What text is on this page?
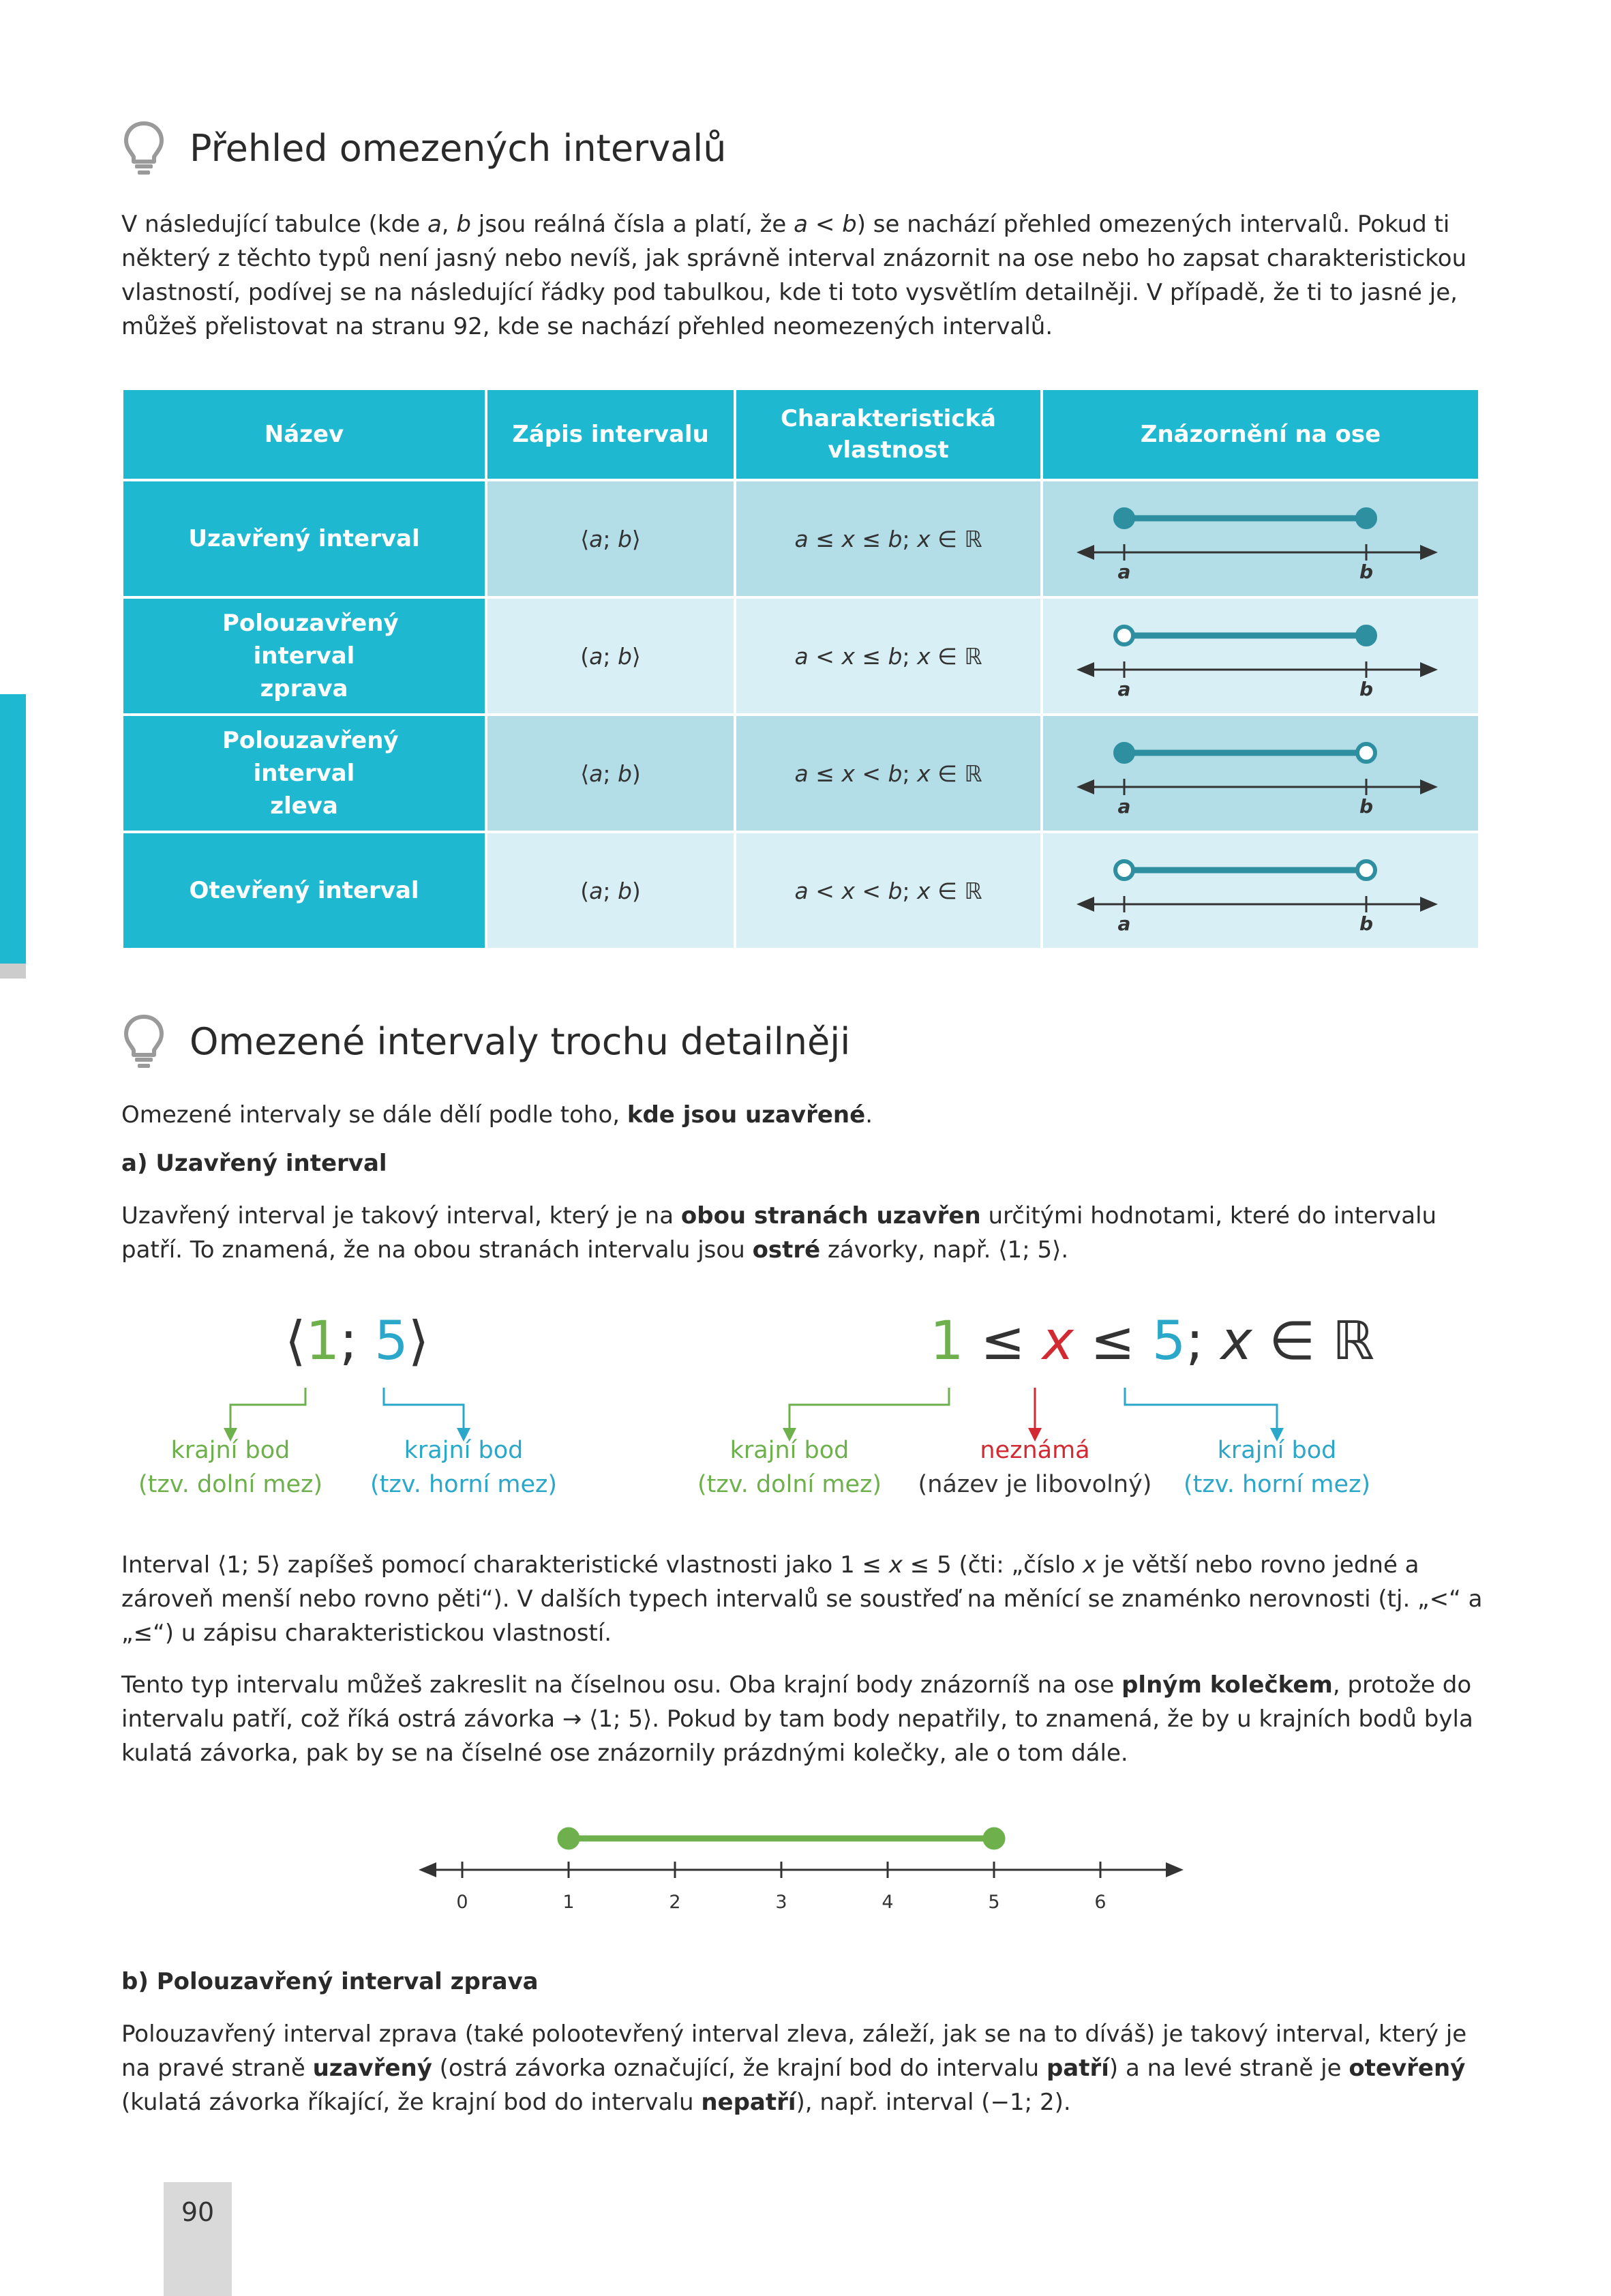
Přehled omezených intervalů

V následující tabulce (kde a, b jsou reálná čísla a platí, že a < b) se nachází přehled omezených intervalů. Pokud ti některý z těchto typů není jasný nebo nevíš, jak správně interval znázornit na ose nebo ho zapsat charakteristickou vlastností, podívej se na následující řádky pod tabulkou, kde ti toto vysvětlím detailněji. V případě, že ti to jasné je, můžeš přelistovat na stranu 92, kde se nachází přehled neomezených intervalů.

Název	Zápis intervalu	Charakteristická vlastnost	Znázornění na ose
Uzavřený interval	⟨a; b⟩	a ≤ x ≤ b; x ∈ ℝ	a b

Polouzavřený interval zprava	(a; b⟩	a < x ≤ b; x ∈ ℝ	a b

Polouzavřený interval zleva	⟨a; b)	a ≤ x < b; x ∈ ℝ	a b

Otevřený interval	(a; b)	a < x < b; x ∈ ℝ	a b
Omezené intervaly trochu detailněji

Omezené intervaly se dále dělí podle toho, kde jsou uzavřené.

a) Uzavřený interval

Uzavřený interval je takový interval, který je na obou stranách uzavřen určitými hodnotami, které do intervalu patří. To znamená, že na obou stranách intervalu jsou ostré závorky, např. ⟨1; 5⟩.

⟨1; 5⟩	1 ≤ x ≤ 5; x ∈ ℝ
krajní bod
(tzv. dolní mez)
krajní bod
(tzv. horní mez)
krajní bod
(tzv. dolní mez)
neznámá
(název je libovolný)
krajní bod
(tzv. horní mez)

Interval ⟨1; 5⟩ zapíšeš pomocí charakteristické vlastnosti jako 1 ≤ x ≤ 5 (čti: „číslo x je větší nebo rovno jedné a zároveň menší nebo rovno pěti“). V dalších typech intervalů se soustřeď na měnící se znaménko nerovnosti (tj. „<“ a „≤“) u zápisu charakteristickou vlastností.

Tento typ intervalu můžeš zakreslit na číselnou osu. Oba krajní body znázorníš na ose plným kolečkem, protože do intervalu patří, což říká ostrá závorka → ⟨1; 5⟩. Pokud by tam body nepatřily, to znamená, že by u krajních bodů byla kulatá závorka, pak by se na číselné ose znázornily prázdnými kolečky, ale o tom dále.

0	1	2	3	4	5	6

b) Polouzavřený interval zprava

Polouzavřený interval zprava (také polootevřený interval zleva, záleží, jak se na to díváš) je takový interval, který je na pravé straně uzavřený (ostrá závorka označující, že krajní bod do intervalu patří) a na levé straně je otevřený (kulatá závorka říkající, že krajní bod do intervalu nepatří), např. interval (−1; 2).

90
